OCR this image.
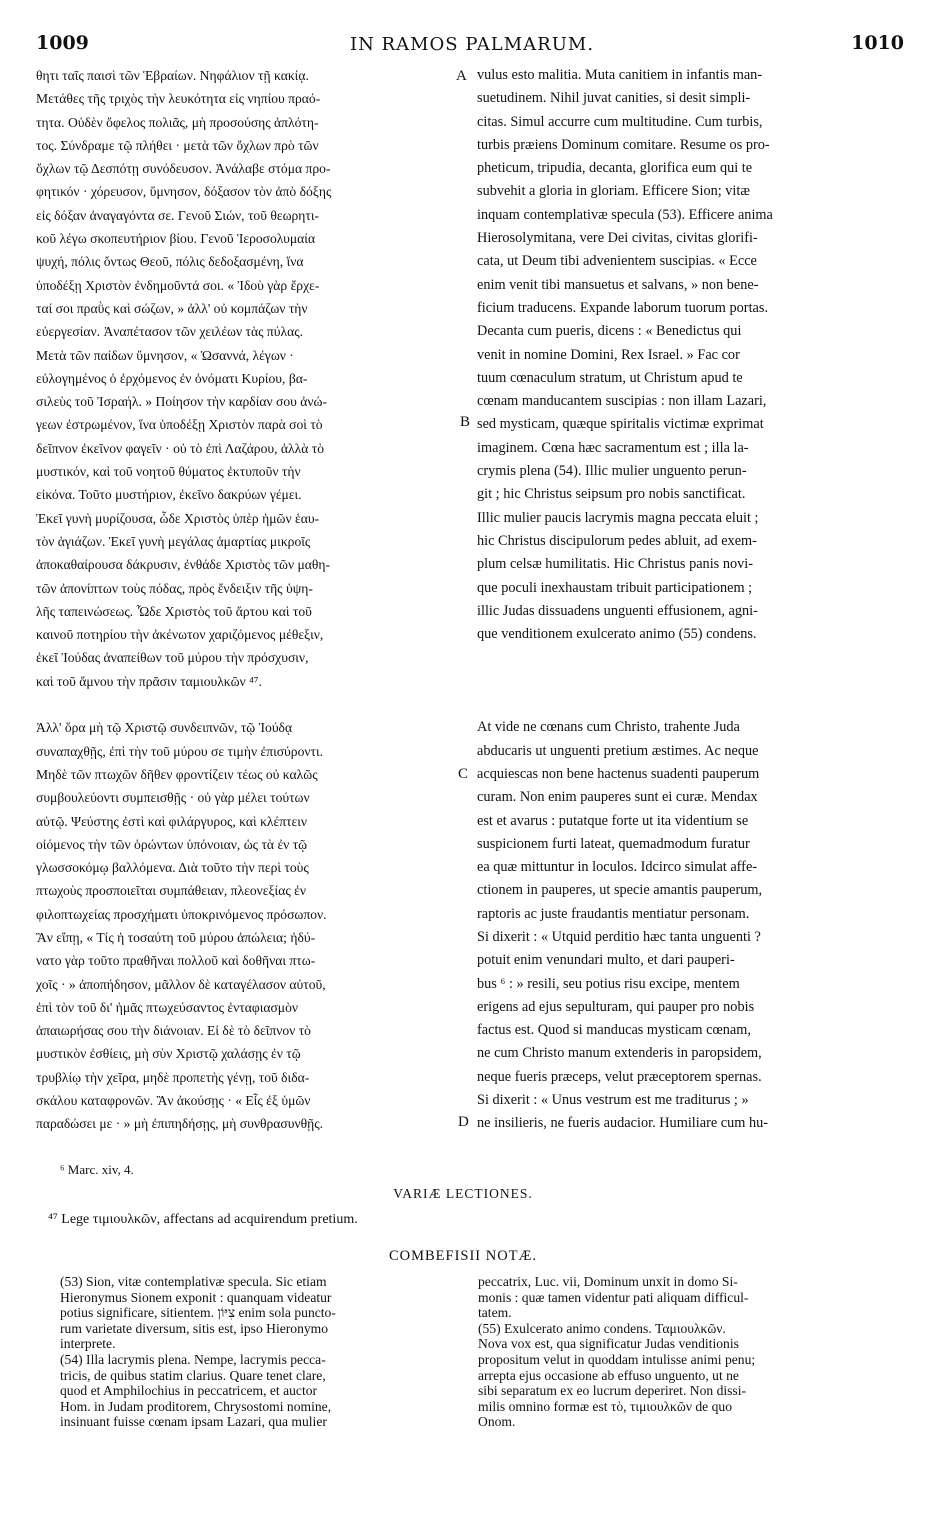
1009	IN RAMOS PALMARUM.	1010
θητι ταῖς παισὶ τῶν Ἑβραίων. Νηφάλιον τῇ κακίᾳ.
Μετάθες τῆς τριχὸς τὴν λευκότητα εἰς νηπίου πραό-
τητα. Οὐδὲν ὄφελος πολιᾶς, μὴ προσούσης ἁπλότη-
τος. Σύνδραμε τῷ πλήθει · μετὰ τῶν ὄχλων πρὸ τῶν
ὄχλων τῷ Δεσπότῃ συνόδευσον. Ἀνάλαβε στόμα προ-
φητικόν · χόρευσον, ὕμνησον, δόξασον τὸν ἀπὸ δόξης
εἰς δόξαν ἀναγαγόντα σε. Γενοῦ Σιών, τοῦ θεωρητι-
κοῦ λέγω σκοπευτήριον βίου. Γενοῦ Ἱεροσολυμαία
ψυχή, πόλις ὄντως Θεοῦ, πόλις δεδοξασμένη, ἵνα
ὑποδέξῃ Χριστὸν ἐνδημοῦντά σοι. « Ἰδοὺ γὰρ ἔρχε-
ταί σοι πραῢς καὶ σώζων, » ἀλλ' οὐ κομπάζων τὴν
εὐεργεσίαν. Ἀναπέτασον τῶν χειλέων τὰς πύλας.
Μετὰ τῶν παίδων ὕμνησον, « Ὡσαννά, λέγων ·
εὐλογημένος ὁ ἐρχόμενος ἐν ὀνόματι Κυρίου, βα-
σιλεὺς τοῦ Ἰσραήλ. » Ποίησον τὴν καρδίαν σου ἀνώ-
γεων ἐστρωμένον, ἵνα ὑποδέξῃ Χριστὸν παρὰ σοὶ τὸ
δεῖπνον ἐκεῖνον φαγεῖν · οὐ τὸ ἐπὶ Λαζάρου, ἀλλὰ τὸ
μυστικόν, καὶ τοῦ νοητοῦ θύματος ἐκτυποῦν τὴν
εἰκόνα. Τοῦτο μυστήριον, ἐκεῖνο δακρύων γέμει.
Ἐκεῖ γυνὴ μυρίζουσα, ὧδε Χριστὸς ὑπὲρ ἡμῶν ἑαυ-
τὸν ἁγιάζων. Ἐκεῖ γυνὴ μεγάλας ἁμαρτίας μικροῖς
ἀποκαθαίρουσα δάκρυσιν, ἐνθάδε Χριστὸς τῶν μαθη-
τῶν ἀπονίπτων τοὺς πόδας, πρὸς ἔνδειξιν τῆς ὑψη-
λῆς ταπεινώσεως. Ὧδε Χριστὸς τοῦ ἄρτου καὶ τοῦ
καινοῦ ποτηρίου τὴν ἀκένωτον χαριζόμενος μέθεξιν,
ἐκεῖ Ἰούδας ἀναπείθων τοῦ μύρου τὴν πρόσχυσιν,
καὶ τοῦ ἄμνου τὴν πρᾶσιν ταμιουλκῶν ⁴⁷.
Ἀλλ' ὅρα μὴ τῷ Χριστῷ συνδειπνῶν, τῷ Ἰούδᾳ
συναπαχθῇς, ἐπὶ τὴν τοῦ μύρου σε τιμὴν ἐπισύροντι.
Μηδὲ τῶν πτωχῶν δῆθεν φροντίζειν τέως οὐ καλῶς
συμβουλεύοντι συμπεισθῇς · οὐ γὰρ μέλει τούτων
αὐτῷ. Ψεύστης ἐστὶ καὶ φιλάργυρος, καὶ κλέπτειν
οἰόμενος τὴν τῶν ὁρώντων ὑπόνοιαν, ὡς τὰ ἐν τῷ
γλωσσοκόμῳ βαλλόμενα. Διὰ τοῦτο τὴν περὶ τοὺς
πτωχοὺς προσποιεῖται συμπάθειαν, πλεονεξίας ἐν
φιλοπτωχείας προσχήματι ὑποκρινόμενος πρόσωπον.
Ἂν εἴπῃ, « Τίς ἡ τοσαύτη τοῦ μύρου ἀπώλεια; ἠδύ-
νατο γὰρ τοῦτο πραθῆναι πολλοῦ καὶ δοθῆναι πτω-
χοῖς · » ἀποπήδησον, μᾶλλον δὲ καταγέλασον αὐτοῦ,
ἐπὶ τὸν τοῦ δι' ἡμᾶς πτωχεύσαντος ἐνταφιασμὸν
ἀπαιωρήσας σου τὴν διάνοιαν. Εἰ δὲ τὸ δεῖπνον τὸ
μυστικὸν ἐσθίεις, μὴ σὺν Χριστῷ χαλάσῃς ἐν τῷ
τρυβλίῳ τὴν χεῖρα, μηδὲ προπετὴς γένῃ, τοῦ διδα-
σκάλου καταφρονῶν. Ἂν ἀκούσῃς · « Εἷς ἐξ ὑμῶν
παραδώσει με · » μὴ ἐπιπηδήσῃς, μὴ συνθρασυνθῇς.
vulus esto malitia. Muta canitiem in infantis man-
suetudinem. Nihil juvat canities, si desit simpli-
citas. Simul accurre cum multitudine. Cum turbis,
turbis præiens Dominum comitare. Resume os pro-
pheticum, tripudia, decanta, glorifica eum qui te
subvehit a gloria in gloriam. Efficere Sion; vitæ
inquam contemplativæ specula (53). Efficere anima
Hierosolymitana, vere Dei civitas, civitas glorifi-
cata, ut Deum tibi advenientem suscipias. « Ecce
enim venit tibi mansuetus et salvans, » non bene-
ficium traducens. Expande laborum tuorum portas.
Decanta cum pueris, dicens : « Benedictus qui
venit in nomine Domini, Rex Israel. » Fac cor
tuum cœnaculum stratum, ut Christum apud te
cœnam manducantem suscipias : non illam Lazari,
sed mysticam, quæque spiritalis victimæ exprimat
imaginem. Cœna hæc sacramentum est ; illa la-
crymis plena (54). Illic mulier unguento perun-
git ; hic Christus seipsum pro nobis sanctificat.
Illic mulier paucis lacrymis magna peccata eluit ;
hic Christus discipulorum pedes abluit, ad exem-
plum celsæ humilitatis. Hic Christus panis novi-
que poculi inexhaustam tribuit participationem ;
illic Judas dissuadens unguenti effusionem, agni-
que venditionem exulcerato animo (55) condens.
At vide ne cœnans cum Christo, trahente Juda
abducaris ut unguenti pretium æstimes. Ac neque
acquiescas non bene hactenus suadenti pauperum
curam. Non enim pauperes sunt ei curæ. Mendax
est et avarus : putatque forte ut ita videntium se
suspicionem furti lateat, quemadmodum furatur
ea quæ mittuntur in loculos. Idcirco simulat affe-
ctionem in pauperes, ut specie amantis pauperum,
raptoris ac juste fraudantis mentiatur personam.
Si dixerit : « Utquid perditio hæc tanta unguenti ?
potuit enim venundari multo, et dari pauperi-
bus ⁶ : » resili, seu potius risu excipe, mentem
erigens ad ejus sepulturam, qui pauper pro nobis
factus est. Quod si manducas mysticam cœnam,
ne cum Christo manum extenderis in paropsidem,
neque fueris præceps, velut præceptorem spernas.
Si dixerit : « Unus vestrum est me traditurus ; »
ne insilieris, ne fueris audacior. Humiliare cum hu-
A
B
C
D
⁶ Marc. xiv, 4.
VARIÆ LECTIONES.
⁴⁷ Lege τιμιουλκῶν, affectans ad acquirendum pretium.
COMBEFISII NOTÆ.
(53) Sion, vitæ contemplativæ specula. Sic etiam
Hieronymus Sionem exponit : quanquam videatur
potius significare, sitientem. צִיּוֹן enim sola puncto-
rum varietate diversum, sitis est, ipso Hieronymo
interprete.
(54) Illa lacrymis plena. Nempe, lacrymis pecca-
tricis, de quibus statim clarius. Quare tenet clare,
quod et Amphilochius in peccatricem, et auctor
Hom. in Judam proditorem, Chrysostomi nomine,
insinuant fuisse cœnam ipsam Lazari, qua mulier
peccatrix, Luc. vii, Dominum unxit in domo Si-
monis : quæ tamen videntur pati aliquam difficul-
tatem.
(55) Exulcerato animo condens. Ταμιουλκῶν.
Nova vox est, qua significatur Judas venditionis
propositum velut in quoddam intulisse animi penu;
arrepta ejus occasione ab effuso unguento, ut ne
sibi separatum ex eo lucrum deperiret. Non dissi-
milis omnino formæ est τὸ, τιμιουλκῶν de quo
Onom.
